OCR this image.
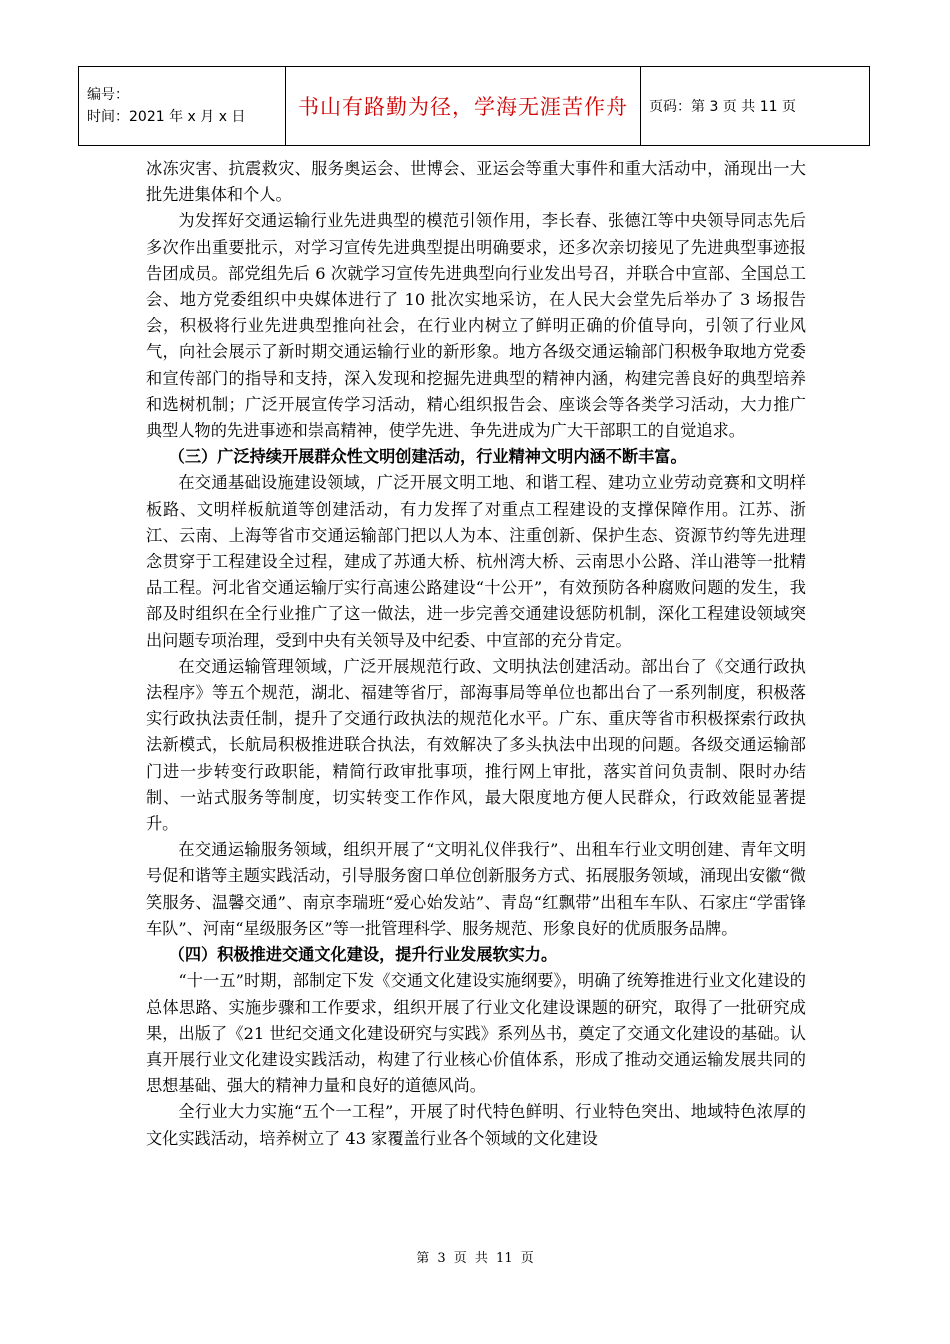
编号：
时间：2021 年 x 月 x 日	书山有路勤为径，学海无涯苦作舟	页码：第 3 页 共 11 页

冰冻灾害、抗震救灾、服务奥运会、世博会、亚运会等重大事件和重大活动中，涌现出一大批先进集体和个人。

为发挥好交通运输行业先进典型的模范引领作用，李长春、张德江等中央领导同志先后多次作出重要批示，对学习宣传先进典型提出明确要求，还多次亲切接见了先进典型事迹报告团成员。部党组先后 6 次就学习宣传先进典型向行业发出号召，并联合中宣部、全国总工会、地方党委组织中央媒体进行了 10 批次实地采访，在人民大会堂先后举办了 3 场报告会，积极将行业先进典型推向社会，在行业内树立了鲜明正确的价值导向，引领了行业风气，向社会展示了新时期交通运输行业的新形象。地方各级交通运输部门积极争取地方党委和宣传部门的指导和支持，深入发现和挖掘先进典型的精神内涵，构建完善良好的典型培养和选树机制；广泛开展宣传学习活动，精心组织报告会、座谈会等各类学习活动，大力推广典型人物的先进事迹和崇高精神，使学先进、争先进成为广大干部职工的自觉追求。

（三）广泛持续开展群众性文明创建活动，行业精神文明内涵不断丰富。

在交通基础设施建设领域，广泛开展文明工地、和谐工程、建功立业劳动竞赛和文明样板路、文明样板航道等创建活动，有力发挥了对重点工程建设的支撑保障作用。江苏、浙江、云南、上海等省市交通运输部门把以人为本、注重创新、保护生态、资源节约等先进理念贯穿于工程建设全过程，建成了苏通大桥、杭州湾大桥、云南思小公路、洋山港等一批精品工程。河北省交通运输厅实行高速公路建设“十公开”，有效预防各种腐败问题的发生，我部及时组织在全行业推广了这一做法，进一步完善交通建设惩防机制，深化工程建设领域突出问题专项治理，受到中央有关领导及中纪委、中宣部的充分肯定。

在交通运输管理领域，广泛开展规范行政、文明执法创建活动。部出台了《交通行政执法程序》等五个规范，湖北、福建等省厅，部海事局等单位也都出台了一系列制度，积极落实行政执法责任制，提升了交通行政执法的规范化水平。广东、重庆等省市积极探索行政执法新模式，长航局积极推进联合执法，有效解决了多头执法中出现的问题。各级交通运输部门进一步转变行政职能，精简行政审批事项，推行网上审批，落实首问负责制、限时办结制、一站式服务等制度，切实转变工作作风，最大限度地方便人民群众，行政效能显著提升。

在交通运输服务领域，组织开展了“文明礼仪伴我行”、出租车行业文明创建、青年文明号促和谐等主题实践活动，引导服务窗口单位创新服务方式、拓展服务领域，涌现出安徽“微笑服务、温馨交通”、南京李瑞班“爱心始发站”、青岛“红飘带”出租车车队、石家庄“学雷锋车队”、河南“星级服务区”等一批管理科学、服务规范、形象良好的优质服务品牌。

（四）积极推进交通文化建设，提升行业发展软实力。

“十一五”时期，部制定下发《交通文化建设实施纲要》，明确了统筹推进行业文化建设的总体思路、实施步骤和工作要求，组织开展了行业文化建设课题的研究，取得了一批研究成果，出版了《21 世纪交通文化建设研究与实践》系列丛书，奠定了交通文化建设的基础。认真开展行业文化建设实践活动，构建了行业核心价值体系，形成了推动交通运输发展共同的思想基础、强大的精神力量和良好的道德风尚。

全行业大力实施“五个一工程”，开展了时代特色鲜明、行业特色突出、地域特色浓厚的文化实践活动，培养树立了 43 家覆盖行业各个领域的文化建设

第 3 页 共 11 页
